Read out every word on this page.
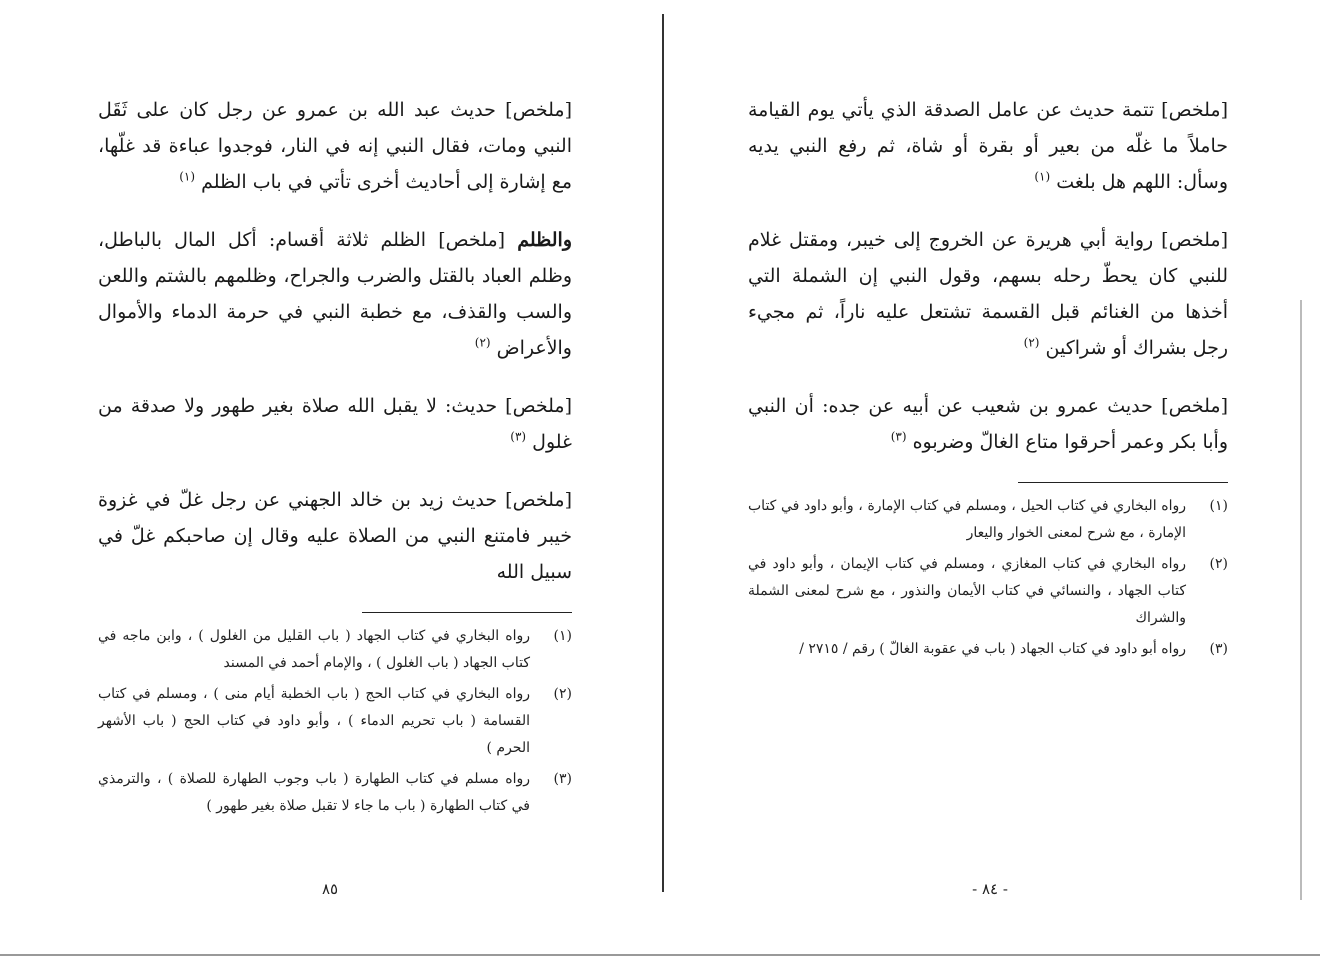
[ملخص] تتمة حديث عن عامل الصدقة الذي يأتي يوم القيامة حاملاً ما غلّه من بعير أو بقرة أو شاة، ثم رفع النبي يديه وسأل: اللهم هل بلغت $^{(١)}$

[ملخص] رواية أبي هريرة عن الخروج إلى خيبر، ومقتل غلام للنبي كان يحطّ رحله بسهم، وقول النبي إن الشملة التي أخذها من الغنائم قبل القسمة تشتعل عليه ناراً، ثم مجيء رجل بشراك أو شراكين $^{(٢)}$

[ملخص] حديث عمرو بن شعيب عن أبيه عن جده: أن النبي وأبا بكر وعمر أحرقوا متاع الغالّ وضربوه $^{(٣)}$

(١)
رواه البخاري في كتاب الحيل ، ومسلم في كتاب الإمارة ، وأبو داود في كتاب الإمارة ، مع شرح لمعنى الخوار واليعار
(٢)
رواه البخاري في كتاب المغازي ، ومسلم في كتاب الإيمان ، وأبو داود في كتاب الجهاد ، والنسائي في كتاب الأيمان والنذور ، مع شرح لمعنى الشملة والشراك
(٣)
رواه أبو داود في كتاب الجهاد ( باب في عقوبة الغالّ ) رقم / ٢٧١٥ /
- ٨٤ -

[ملخص] حديث عبد الله بن عمرو عن رجل كان على ثَقَل النبي ومات، فقال النبي إنه في النار، فوجدوا عباءة قد غلّها، مع إشارة إلى أحاديث أخرى تأتي في باب الظلم $^{(١)}$

والظلم [ملخص] الظلم ثلاثة أقسام: أكل المال بالباطل، وظلم العباد بالقتل والضرب والجراح، وظلمهم بالشتم واللعن والسب والقذف، مع خطبة النبي في حرمة الدماء والأموال والأعراض $^{(٢)}$

[ملخص] حديث: لا يقبل الله صلاة بغير طهور ولا صدقة من غلول $^{(٣)}$

[ملخص] حديث زيد بن خالد الجهني عن رجل غلّ في غزوة خيبر فامتنع النبي من الصلاة عليه وقال إن صاحبكم غلّ في سبيل الله

(١)
رواه البخاري في كتاب الجهاد ( باب القليل من الغلول ) ، وابن ماجه في كتاب الجهاد ( باب الغلول ) ، والإمام أحمد في المسند
(٢)
رواه البخاري في كتاب الحج ( باب الخطبة أيام منى ) ، ومسلم في كتاب القسامة ( باب تحريم الدماء ) ، وأبو داود في كتاب الحج ( باب الأشهر الحرم )
(٣)
رواه مسلم في كتاب الطهارة ( باب وجوب الطهارة للصلاة ) ، والترمذي في كتاب الطهارة ( باب ما جاء لا تقبل صلاة بغير طهور )
٨٥
